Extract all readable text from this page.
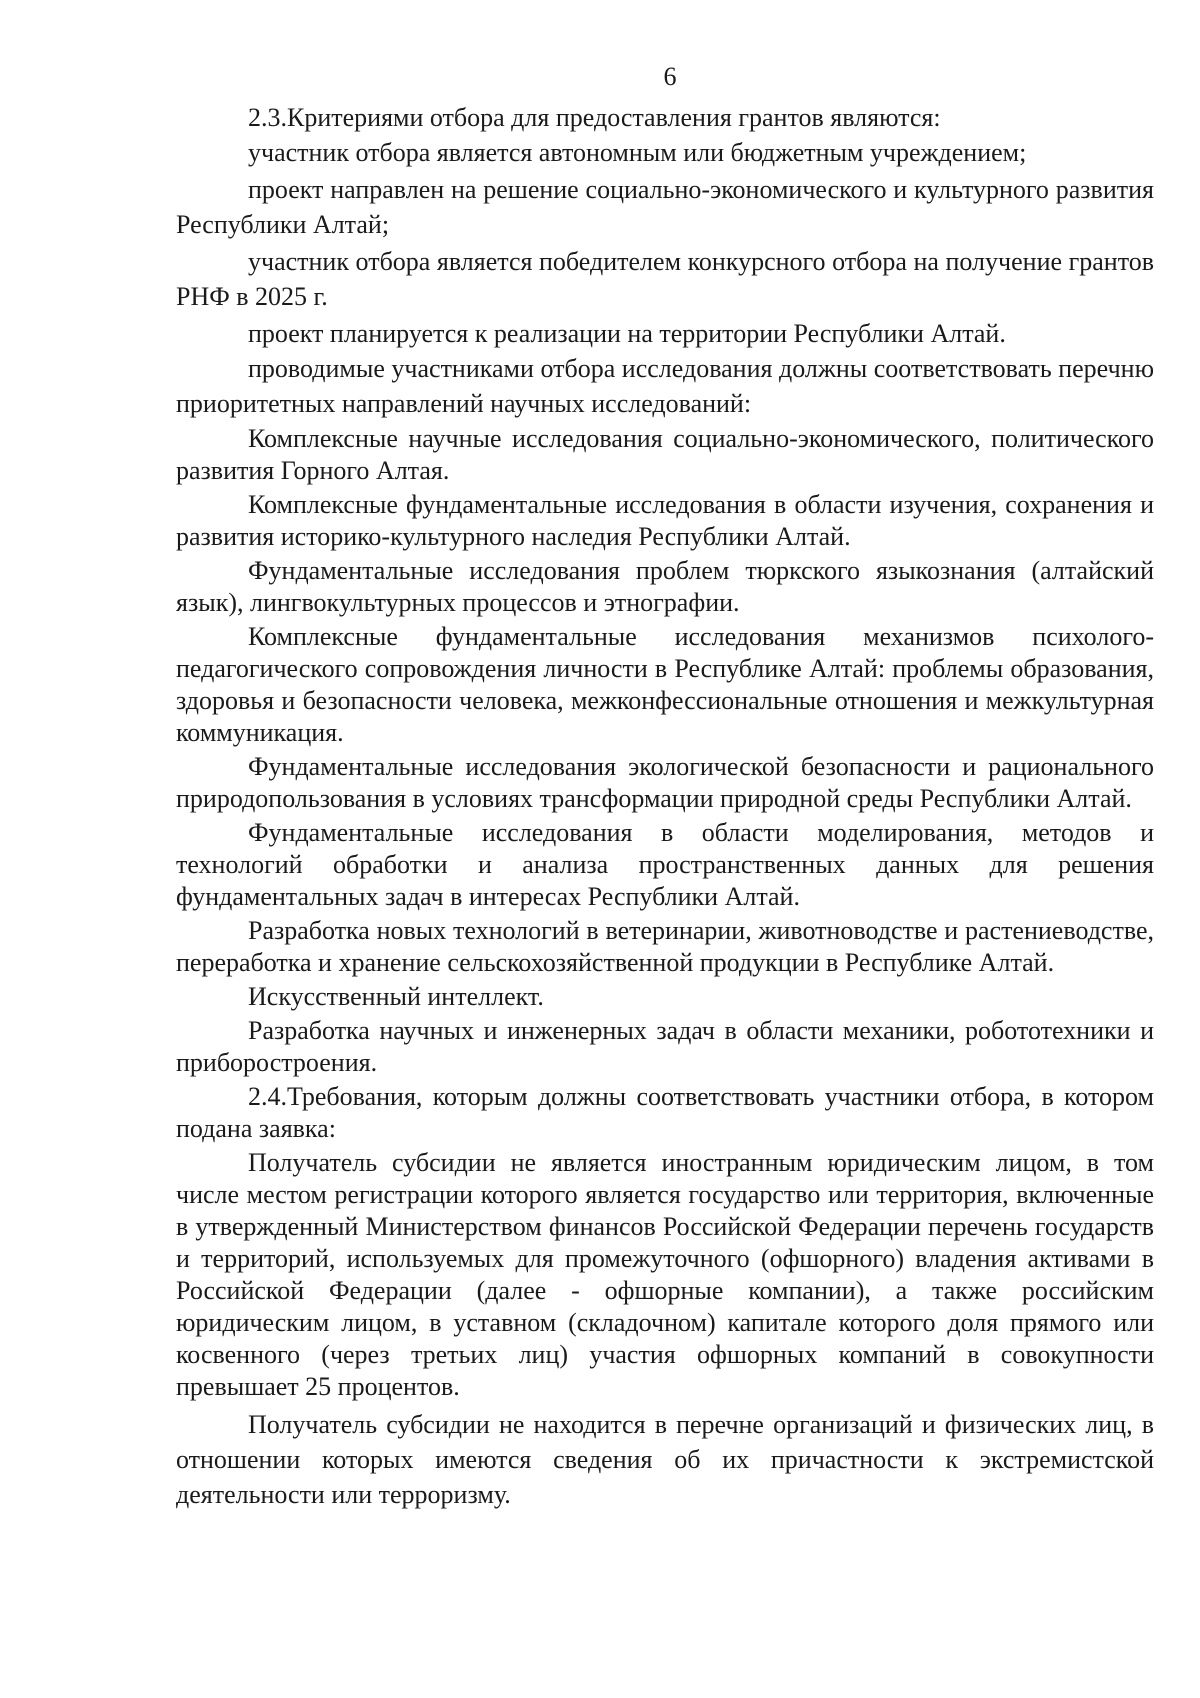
6

2.3.Критериями отбора для предоставления грантов являются:

участник отбора является автономным или бюджетным учреждением;

проект направлен на решение социально-экономического и культурного развития Республики Алтай;

участник отбора является победителем конкурсного отбора на получение грантов РНФ в 2025 г.

проект планируется к реализации на территории Республики Алтай.

проводимые участниками отбора исследования должны соответствовать перечню приоритетных направлений научных исследований:

Комплексные научные исследования социально-экономического, политического развития Горного Алтая.

Комплексные фундаментальные исследования в области изучения, сохранения и развития историко-культурного наследия Республики Алтай.

Фундаментальные исследования проблем тюркского языкознания (алтайский язык), лингвокультурных процессов и этнографии.

Комплексные фундаментальные исследования механизмов психолого-педагогического сопровождения личности в Республике Алтай: проблемы образования, здоровья и безопасности человека, межконфессиональные отношения и межкультурная коммуникация.

Фундаментальные исследования экологической безопасности и рационального природопользования в условиях трансформации природной среды Республики Алтай.

Фундаментальные исследования в области моделирования, методов и технологий обработки и анализа пространственных данных для решения фундаментальных задач в интересах Республики Алтай.

Разработка новых технологий в ветеринарии, животноводстве и растениеводстве, переработка и хранение сельскохозяйственной продукции в Республике Алтай.

Искусственный интеллект.

Разработка научных и инженерных задач в области механики, робототехники и приборостроения.

2.4.Требования, которым должны соответствовать участники отбора, в котором подана заявка:

Получатель субсидии не является иностранным юридическим лицом, в том числе местом регистрации которого является государство или территория, включенные в утвержденный Министерством финансов Российской Федерации перечень государств и территорий, используемых для промежуточного (офшорного) владения активами в Российской Федерации (далее - офшорные компании), а также российским юридическим лицом, в уставном (складочном) капитале которого доля прямого или косвенного (через третьих лиц) участия офшорных компаний в совокупности превышает 25 процентов.

Получатель субсидии не находится в перечне организаций и физических лиц, в отношении которых имеются сведения об их причастности к экстремистской деятельности или терроризму.
